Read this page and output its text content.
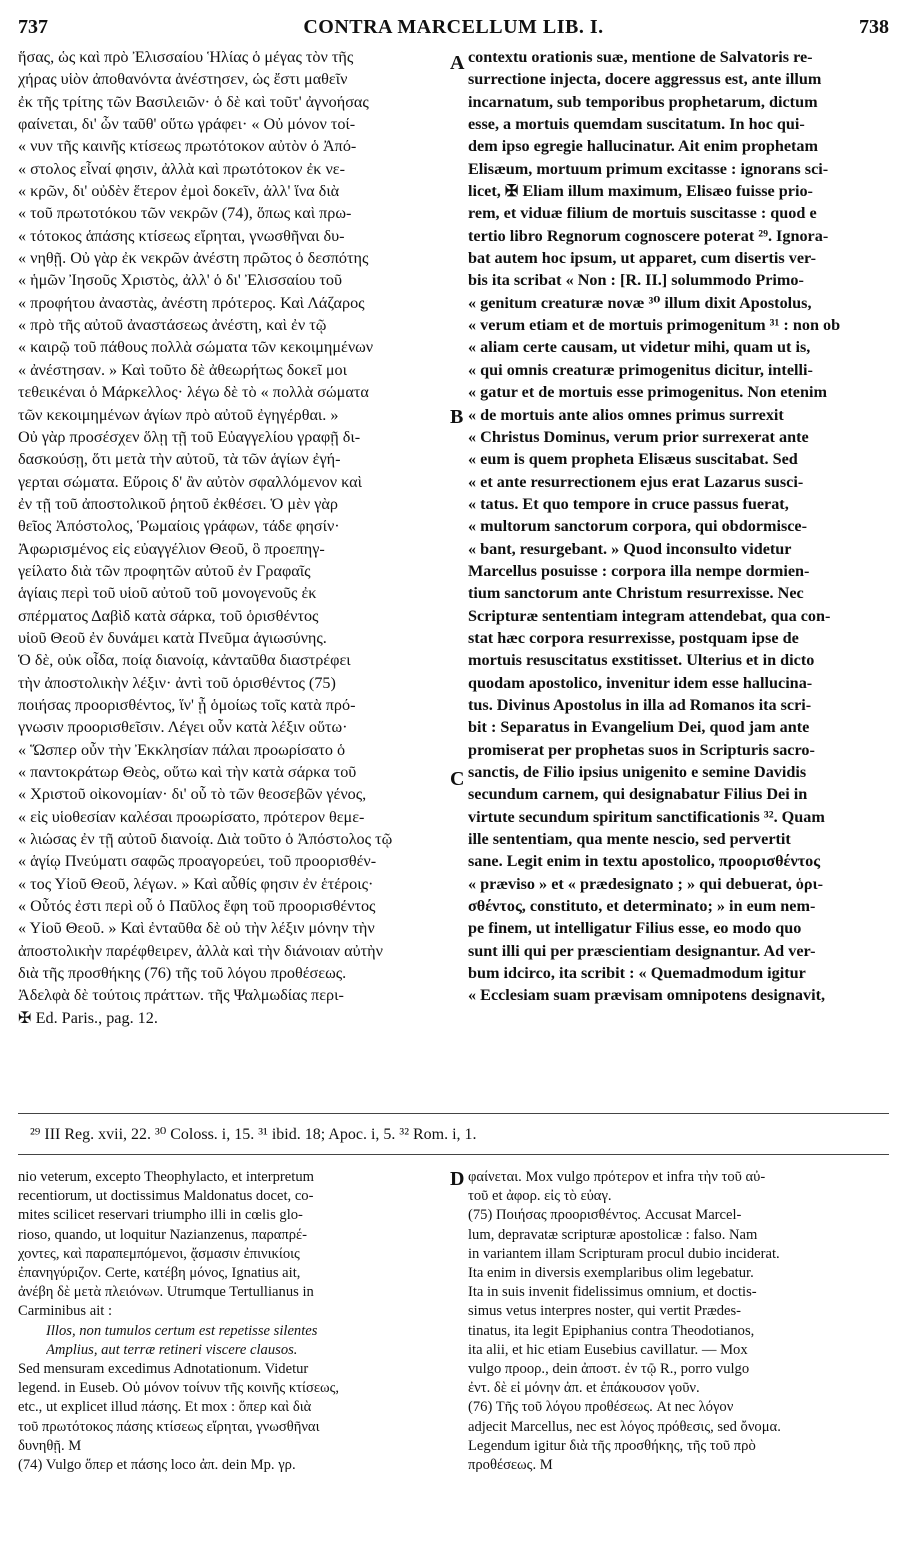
737	CONTRA MARCELLUM LIB. I.	738
ἥσας, ὡς καὶ πρὸ Ἐλισσαίου Ἡλίας ὁ μέγας τὸν τῆς
χήρας υἱὸν ἀποθανόντα ἀνέστησεν, ὡς ἔστι μαθεῖν
ἐκ τῆς τρίτης τῶν Βασιλειῶν· ὁ δὲ καὶ τοῦτ' ἀγνοήσας
φαίνεται, δι' ὧν ταῦθ' οὕτω γράφει· « Οὐ μόνον τοί-
« νυν τῆς καινῆς κτίσεως πρωτότοκον αὐτὸν ὁ Ἀπό-
« στολος εἶναί φησιν, ἀλλὰ καὶ πρωτότοκον ἐκ νε-
« κρῶν, δι' οὐδὲν ἕτερον ἐμοὶ δοκεῖν, ἀλλ' ἵνα διὰ
« τοῦ πρωτοτόκου τῶν νεκρῶν (74), ὅπως καὶ πρω-
« τότοκος ἁπάσης κτίσεως εἴρηται, γνωσθῆναι δυ-
« νηθῇ. Οὐ γὰρ ἐκ νεκρῶν ἀνέστη πρῶτος ὁ δεσπότης
« ἡμῶν Ἰησοῦς Χριστὸς, ἀλλ' ὁ δι' Ἐλισσαίου τοῦ
« προφήτου ἀναστὰς, ἀνέστη πρότερος. Καὶ Λάζαρος
« πρὸ τῆς αὐτοῦ ἀναστάσεως ἀνέστη, καὶ ἐν τῷ
« καιρῷ τοῦ πάθους πολλὰ σώματα τῶν κεκοιμημένων
« ἀνέστησαν. » Καὶ τοῦτο δὲ ἀθεωρήτως δοκεῖ μοι
τεθεικέναι ὁ Μάρκελλος· λέγω δὲ τὸ « πολλὰ σώματα
τῶν κεκοιμημένων ἁγίων πρὸ αὐτοῦ ἐγηγέρθαι. »
Οὐ γὰρ προσέσχεν ὅλῃ τῇ τοῦ Εὐαγγελίου γραφῇ δι-
δασκούσῃ, ὅτι μετὰ τὴν αὐτοῦ, τὰ τῶν ἁγίων ἐγή-
γερται σώματα. Εὕροις δ' ἂν αὐτὸν σφαλλόμενον καὶ
ἐν τῇ τοῦ ἀποστολικοῦ ῥητοῦ ἐκθέσει. Ὁ μὲν γὰρ
θεῖος Ἀπόστολος, Ῥωμαίοις γράφων, τάδε φησίν·
Ἀφωρισμένος εἰς εὐαγγέλιον Θεοῦ, ὃ προεπηγ-
γείλατο διὰ τῶν προφητῶν αὐτοῦ ἐν Γραφαῖς
ἁγίαις περὶ τοῦ υἱοῦ αὐτοῦ τοῦ μονογενοῦς ἐκ
σπέρματος Δαβὶδ κατὰ σάρκα, τοῦ ὁρισθέντος
υἱοῦ Θεοῦ ἐν δυνάμει κατὰ Πνεῦμα ἁγιωσύνης.
Ὁ δὲ, οὐκ οἶδα, ποίᾳ διανοίᾳ, κἀνταῦθα διαστρέφει
τὴν ἀποστολικὴν λέξιν· ἀντὶ τοῦ ὁρισθέντος (75)
ποιήσας προορισθέντος, ἵν' ᾖ ὁμοίως τοῖς κατὰ πρό-
γνωσιν προορισθεῖσιν. Λέγει οὖν κατὰ λέξιν οὕτω·
« Ὥσπερ οὖν τὴν Ἐκκλησίαν πάλαι προωρίσατο ὁ
« παντοκράτωρ Θεὸς, οὕτω καὶ τὴν κατὰ σάρκα τοῦ
« Χριστοῦ οἰκονομίαν· δι' οὗ τὸ τῶν θεοσεβῶν γένος,
« εἰς υἱοθεσίαν καλέσαι προωρίσατο, πρότερον θεμε-
« λιώσας ἐν τῇ αὐτοῦ διανοίᾳ. Διὰ τοῦτο ὁ Ἀπόστολος τῷ
« ἁγίῳ Πνεύματι σαφῶς προαγορεύει, τοῦ προορισθέν-
« τος Υἱοῦ Θεοῦ, λέγων. » Καὶ αὖθίς φησιν ἐν ἑτέροις·
« Οὗτός ἐστι περὶ οὗ ὁ Παῦλος ἔφη τοῦ προορισθέντος
« Υἱοῦ Θεοῦ. » Καὶ ἐνταῦθα δὲ οὐ τὴν λέξιν μόνην τὴν
ἀποστολικὴν παρέφθειρεν, ἀλλὰ καὶ τὴν διάνοιαν αὐτὴν
διὰ τῆς προσθήκης (76) τῆς τοῦ λόγου προθέσεως.
Ἀδελφὰ δὲ τούτοις πράττων. τῆς Ψαλμωδίας περι-
✠ Ed. Paris., pag. 12.
contextu orationis suæ, mentione de Salvatoris re-
surrectione injecta, docere aggressus est, ante illum
incarnatum, sub temporibus prophetarum, dictum
esse, a mortuis quemdam suscitatum. In hoc qui-
dem ipso egregie hallucinatur. Ait enim prophetam
Elisæum, mortuum primum excitasse : ignorans sci-
licet, ✠ Eliam illum maximum, Elisæo fuisse prio-
rem, et viduæ filium de mortuis suscitasse : quod e
tertio libro Regnorum cognoscere poterat ²⁹. Ignora-
bat autem hoc ipsum, ut apparet, cum disertis ver-
bis ita scribat « Non : [R. II.] solummodo Primo-
« genitum creaturæ novæ ³⁰ illum dixit Apostolus,
« verum etiam et de mortuis primogenitum ³¹ : non ob
« aliam certe causam, ut videtur mihi, quam ut is,
« qui omnis creaturæ primogenitus dicitur, intelli-
« gatur et de mortuis esse primogenitus. Non etenim
« de mortuis ante alios omnes primus surrexit
« Christus Dominus, verum prior surrexerat ante
« eum is quem propheta Elisæus suscitabat. Sed
« et ante resurrectionem ejus erat Lazarus susci-
« tatus. Et quo tempore in cruce passus fuerat,
« multorum sanctorum corpora, qui obdormisce-
« bant, resurgebant. » Quod inconsulto videtur
Marcellus posuisse : corpora illa nempe dormien-
tium sanctorum ante Christum resurrexisse. Nec
Scripturæ sententiam integram attendebat, qua con-
stat hæc corpora resurrexisse, postquam ipse de
mortuis resuscitatus exstitisset. Ulterius et in dicto
quodam apostolico, invenitur idem esse hallucina-
tus. Divinus Apostolus in illa ad Romanos ita scri-
bit : Separatus in Evangelium Dei, quod jam ante
promiserat per prophetas suos in Scripturis sacro-
sanctis, de Filio ipsius unigenito e semine Davidis
secundum carnem, qui designabatur Filius Dei in
virtute secundum spiritum sanctificationis ³². Quam
ille sententiam, qua mente nescio, sed pervertit
sane. Legit enim in textu apostolico, προορισθέντος
« præviso » et « prædesignato ; » qui debuerat, ὁρι-
σθέντος, constituto, et determinato; » in eum nem-
pe finem, ut intelligatur Filius esse, eo modo quo
sunt illi qui per præscientiam designantur. Ad ver-
bum idcirco, ita scribit : « Quemadmodum igitur
« Ecclesiam suam prævisam omnipotens designavit,
A
B
C
D
²⁹ III Reg. xvii, 22. ³⁰ Coloss. i, 15. ³¹ ibid. 18; Apoc. i, 5. ³² Rom. i, 1.
nio veterum, excepto Theophylacto, et interpretum
recentiorum, ut doctissimus Maldonatus docet, co-
mites scilicet reservari triumpho illi in cœlis glo-
rioso, quando, ut loquitur Nazianzenus, παραπρέ-
χοντες, καὶ παραπεμπόμενοι, ᾄσμασιν ἐπινικίοις
ἐπανηγύριζον. Certe, κατέβη μόνος, Ignatius ait,
ἀνέβη δὲ μετὰ πλειόνων. Utrumque Tertullianus in
Carminibus ait :
Illos, non tumulos certum est repetisse silentes
Amplius, aut terræ retineri viscere clausos.
Sed mensuram excedimus Adnotationum. Videtur
legend. in Euseb. Οὐ μόνον τοίνυν τῆς κοινῆς κτίσεως,
etc., ut explicet illud πάσης. Et mox : ὅπερ καὶ διὰ
τοῦ πρωτότοκος πάσης κτίσεως εἴρηται, γνωσθῆναι
δυνηθῇ. M
(74) Vulgo ὅπερ et πάσης loco ἀπ. dein Mp. γρ.
φαίνεται. Mox vulgo πρότερον et infra τὴν τοῦ αὐ-
τοῦ et ἀφορ. εἰς τὸ εὐαγ.
(75) Ποιήσας προορισθέντος. Accusat Marcel-
lum, depravatæ scripturæ apostolicæ : falso. Nam
in variantem illam Scripturam procul dubio inciderat.
Ita enim in diversis exemplaribus olim legebatur.
Ita in suis invenit fidelissimus omnium, et doctis-
simus vetus interpres noster, qui vertit Prædes-
tinatus, ita legit Epiphanius contra Theodotianos,
ita alii, et hic etiam Eusebius cavillatur. — Mox
vulgo προορ., dein ἀποστ. ἐν τῷ R., porro vulgo
ἐντ. δὲ εἰ μόνην ἀπ. et ἐπάκουσον γοῦν.
(76) Τῆς τοῦ λόγου προθέσεως. At nec λόγον
adjecit Marcellus, nec est λόγος πρόθεσις, sed ὄνομα.
Legendum igitur διὰ τῆς προσθήκης, τῆς τοῦ πρὸ
προθέσεως. M
